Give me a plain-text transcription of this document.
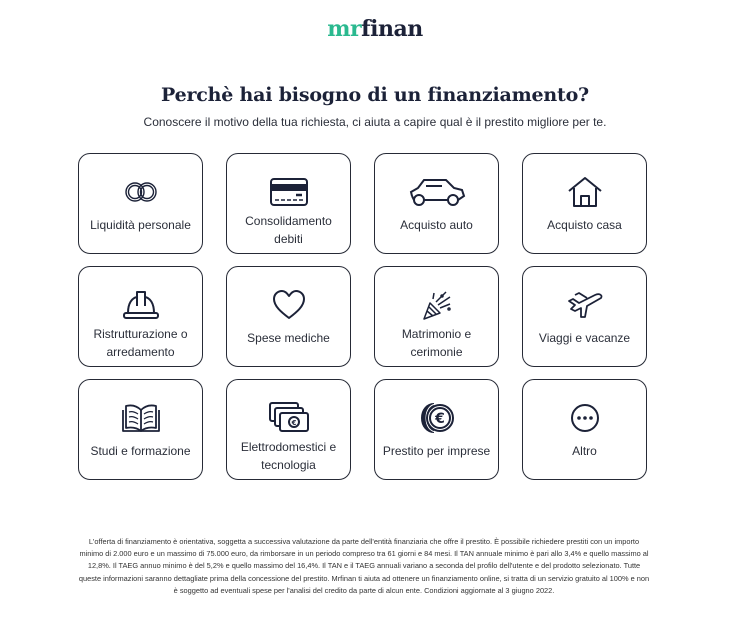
mrfinan
Perchè hai bisogno di un finanziamento?
Conoscere il motivo della tua richiesta, ci aiuta a capire qual è il prestito migliore per te.
Liquidità personale	Consolidamento debiti
Acquisto auto	Acquisto casa
Ristrutturazione o arredamento
Spese mediche	Matrimonio e cerimonie
Viaggi e vacanze
Studi e formazione
€
Elettrodomestici e tecnologia
€
Prestito per imprese	Altro
L'offerta di finanziamento è orientativa, soggetta a successiva valutazione da parte dell'entità finanziaria che offre il prestito. È possibile richiedere prestiti con un importo minimo di 2.000 euro e un massimo di 75.000 euro, da rimborsare in un periodo compreso tra 61 giorni e 84 mesi. Il TAN annuale minimo è pari allo 3,4% e quello massimo al 12,8%. Il TAEG annuo minimo è del 5,2% e quello massimo del 16,4%. Il TAN e il TAEG annuali variano a seconda del profilo dell'utente e del prodotto selezionato. Tutte queste informazioni saranno dettagliate prima della concessione del prestito. Mrfinan ti aiuta ad ottenere un finanziamento online, si tratta di un servizio gratuito al 100% e non è soggetto ad eventuali spese per l'analisi del credito da parte di alcun ente. Condizioni aggiornate al 3 giugno 2022.
